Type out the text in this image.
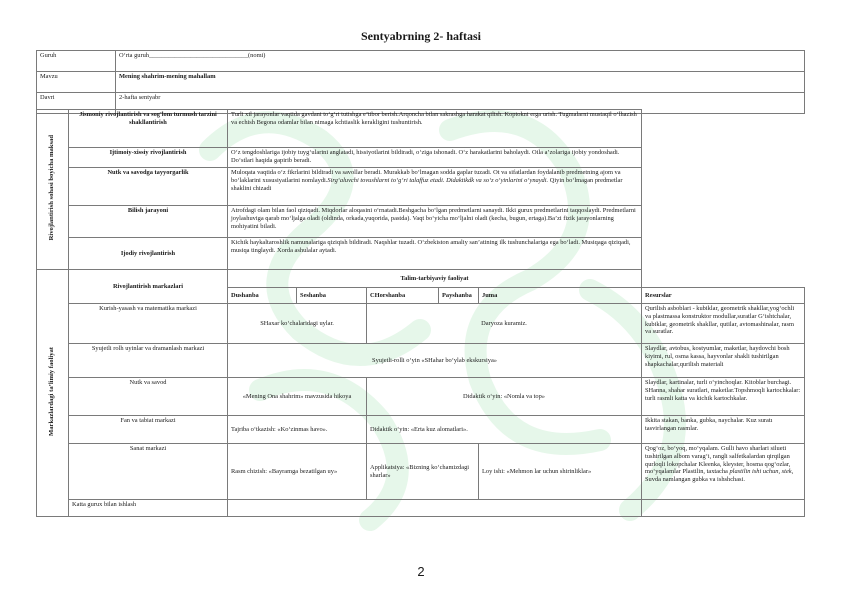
Sentyabrning 2- haftasi
Guruh	O‘rta guruh_______________________________(nomi)
Mavzu	Mening shahrim-mening mahallam
Davri	2-hafta sentyabr
Rivojlantirish sohasi boyicha maksad	Jismoniy rivojlantirish va sog'lom turmush tarzini shakllantirish	Turli xil jarayonlar vaqtida gavdani to‘g‘ri tutishga e’tibor berish.Arqoncha bilan sakrashga harakat qilish. Koptokni erga urish. Tugmalarni mustaqil o‘lhazish va echish Begona odamlar bilan nimaga kchtiaslik kerakligini tushuntirish.					
	Ijtimoiy-xissiy rivojlantirish	O‘z tengdoshlariga ijobiy tuyg‘ularini anglatadi, hissiyotlarini bildiradi, o‘ziga ishonadi. O‘z harakatlarini baholaydi. Oila a’zolariga ijobiy yondoshadi. Do‘stlari haqida gapirib beradi.					
	Nutk va savodga tayyorgarlik	Muloqata vaqtida o‘z fikrlarini bildiradi va savollar beradi. Murakkab bo‘lmagan sodda gaplar tuzadi. Ot va sifatlardan foydalanib predmetning ajom va bo‘laklarini xususiyatlarini nomlaydi.Sirg‘aluvchi tovushlarni to‘g‘ri talaffuz etadi. Didaktikdk va so‘z o‘yinlarini o‘ynaydi. Qiyin bo‘lmagan predmetlar shaklini chizadi					
	Bilish jarayoni	Atrofdagi olam bilan faol qiziqadi. Miqdorlar aloqasini o‘rnatadi.Beshgacha bo‘lgan predmetlarni sanaydi. Ikki guruх predmetlarini taqqoslaydi. Predmetlarni joylashuviga qarab mo‘ljalga oladi (oldinda, orkada,yuqorida, pastda). Vaqt bo‘yicha mo‘ljalni oladi (kecha, bugun, ertaga).Ba’zi fizik jarayonlarning mohiyatini biladi.					
	Ijodiy rivojlantirish	Kichik haykaltaroshlik namunalariga qiziqish bildiradi. Naqshlar tuzadi. O‘zbekiston amaliy san’atining ilk tushunchalariga ega bo‘ladi. Musiqaga qiziqadi, musiqa tinglaydi. Xorda ashulalar aytadi.					
Markazlardagi ta’limiy faoliyat	Rivojlantirish markazlari	Talim-tarbiyaviy faoliyat					
		Dushanba	Seshanba	CHorshanba	Payshanba	Juma	Resurslar
	Kurish-yasash va matematika markazi	SHaxar ko‘chalaridagi uylar.		Daryoza kuramiz.			Qurilish asboblari - kubiklar, geometrik shakllar,yog‘ochli va plastmassa konstruktor modullar,suratlar G‘ishtchalar, kubiklar, geometrik shakllar, qutilar, avtomashinalar, rasm va suratlar.
	Syujetli rolh uyinlar va dramanlash markazi	Syujetli-rolli o‘yin «SHahar bo‘ylab ekskursiya»					Slaydlar, avtobus, kostyumlar, maketlar, haydovchi bosh kiyimi, rul, osma kassa, hayvonlar shakli tushirilgan shapkachalar,qurilish materiali
	Nutk va savod	«Mening Ona shahrim» mavzusida hikoya		Didaktik o‘yin: «Nomla va top»			Slaydlar, kartinalar, turli o‘yinchoqlar. Kitoblar burchagi. SHanna, shahar suratlari, maketlar.Topshmoqli kartochkalar: turli rasmli katta va kichik kartochkalar.
	Fan va tabiat markazi	Tajriba o‘tkazish: «Ko‘zinmas havo».		Didaktik o‘yin: «Erta kuz alomatlari».			Ikkita stakan, banka, gubka, naychalar. Kuz suratı tasvirlangan rasmlar.
	Sanat markazi	Rasm chizish: «Bayramga bezatilgan uy»		Applikatsiya: «Bizning ko‘chamizdagi sharlar»		Loy ishi: «Mehmon lar uchun shirinliklar»	Qog‘oz, bo‘yoq, mo‘yqalam. Gulli havo sharlari silueti tushirilgan albom varag‘i, rangli salfetkalardan qirqilgan qurloqli lokopchalar Kleenka, kleyster, hosma qog‘ozlar, mo‘yqalamlar Plastilin, taxtacha plastilin ishi uchun, stek, Suvda namlangan gubka va ishshchasi.
	Katta guruх bilan ishlash						
2
